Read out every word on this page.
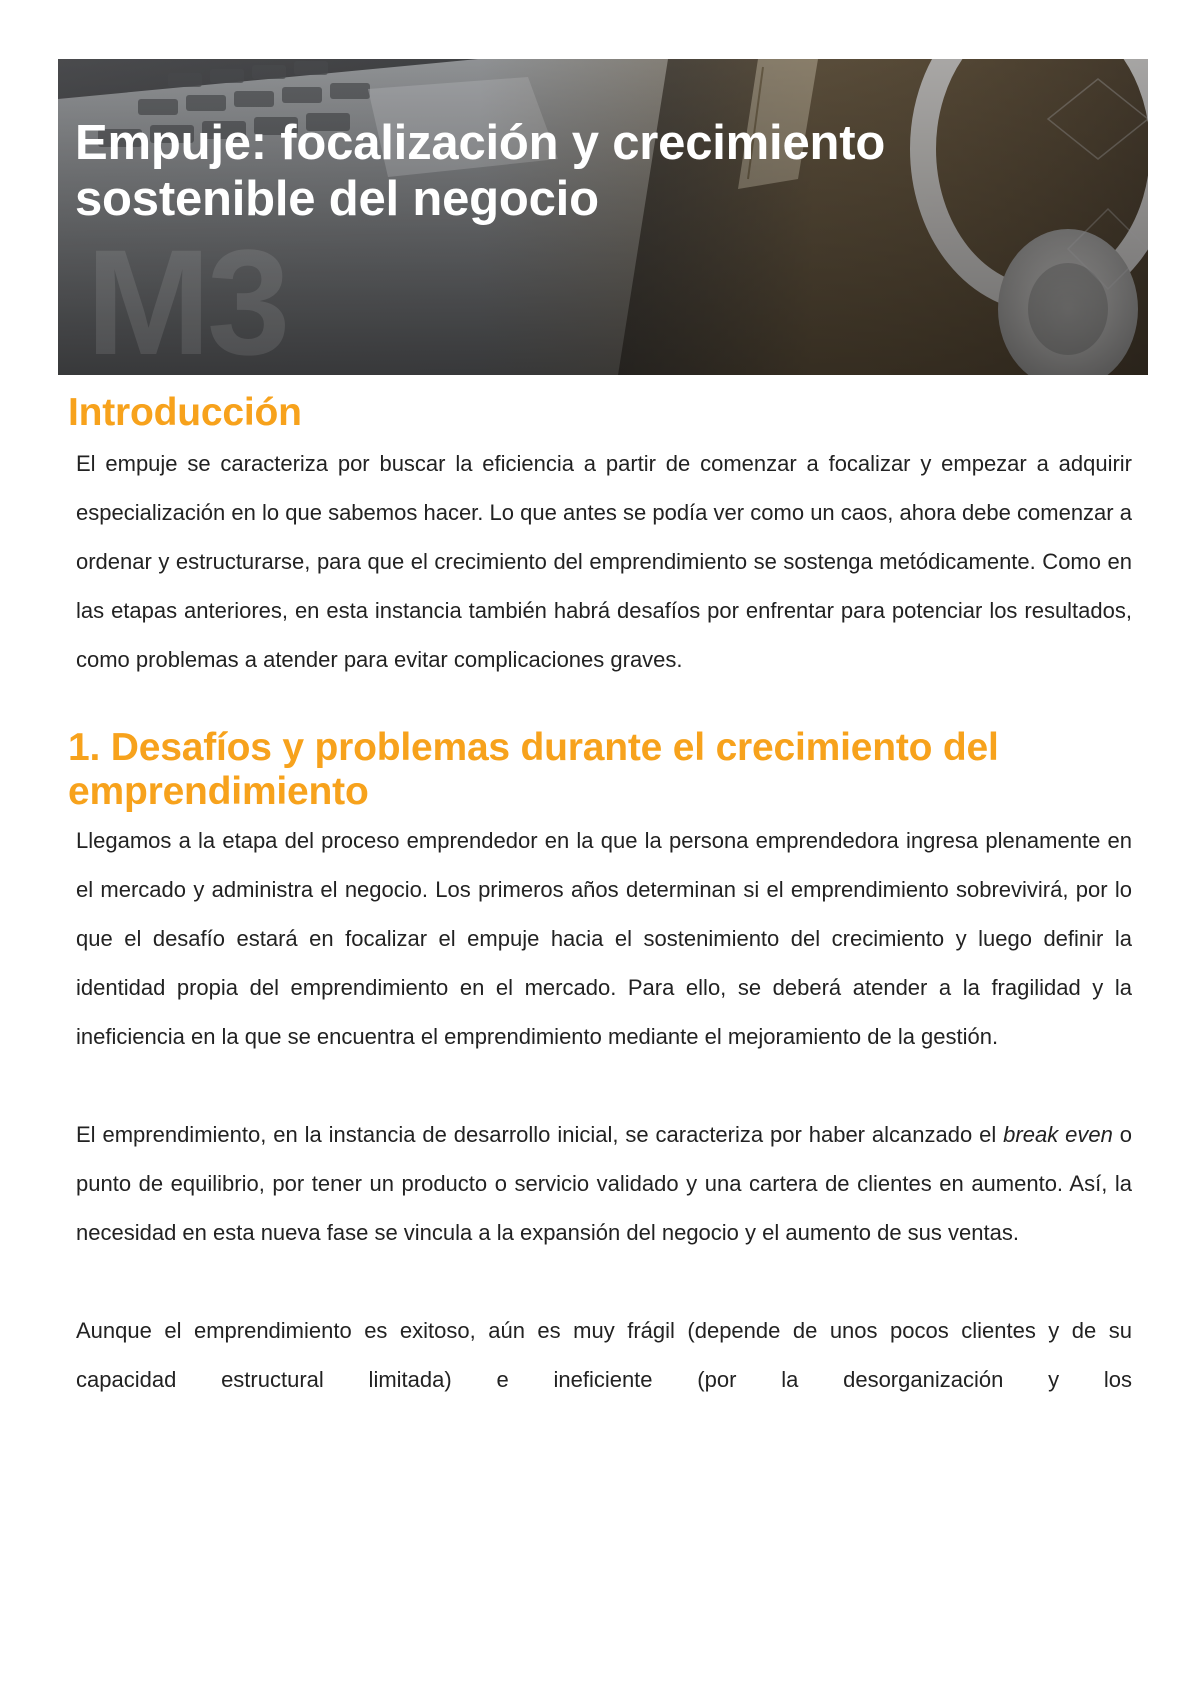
M3
Empuje: focalización y crecimiento
sostenible del negocio
Introducción

El empuje se caracteriza por buscar la eficiencia a partir de comenzar a focalizar y empezar a adquirir especialización en lo que sabemos hacer. Lo que antes se podía ver como un caos, ahora debe comenzar a ordenar y estructurarse, para que el crecimiento del emprendimiento se sostenga metódicamente. Como en las etapas anteriores, en esta instancia también habrá desafíos por enfrentar para potenciar los resultados, como problemas a atender para evitar complicaciones graves.

1. Desafíos y problemas durante el crecimiento del emprendimiento

Llegamos a la etapa del proceso emprendedor en la que la persona emprendedora ingresa plenamente en el mercado y administra el negocio. Los primeros años determinan si el emprendimiento sobrevivirá, por lo que el desafío estará en focalizar el empuje hacia el sostenimiento del crecimiento y luego definir la identidad propia del emprendimiento en el mercado. Para ello, se deberá atender a la fragilidad y la ineficiencia en la que se encuentra el emprendimiento mediante el mejoramiento de la gestión.

El emprendimiento, en la instancia de desarrollo inicial, se caracteriza por haber alcanzado el break even o punto de equilibrio, por tener un producto o servicio validado y una cartera de clientes en aumento. Así, la necesidad en esta nueva fase se vincula a la expansión del negocio y el aumento de sus ventas.

Aunque el emprendimiento es exitoso, aún es muy frágil (depende de unos pocos clientes y de su capacidad estructural limitada) e ineficiente (por la desorganización y los
